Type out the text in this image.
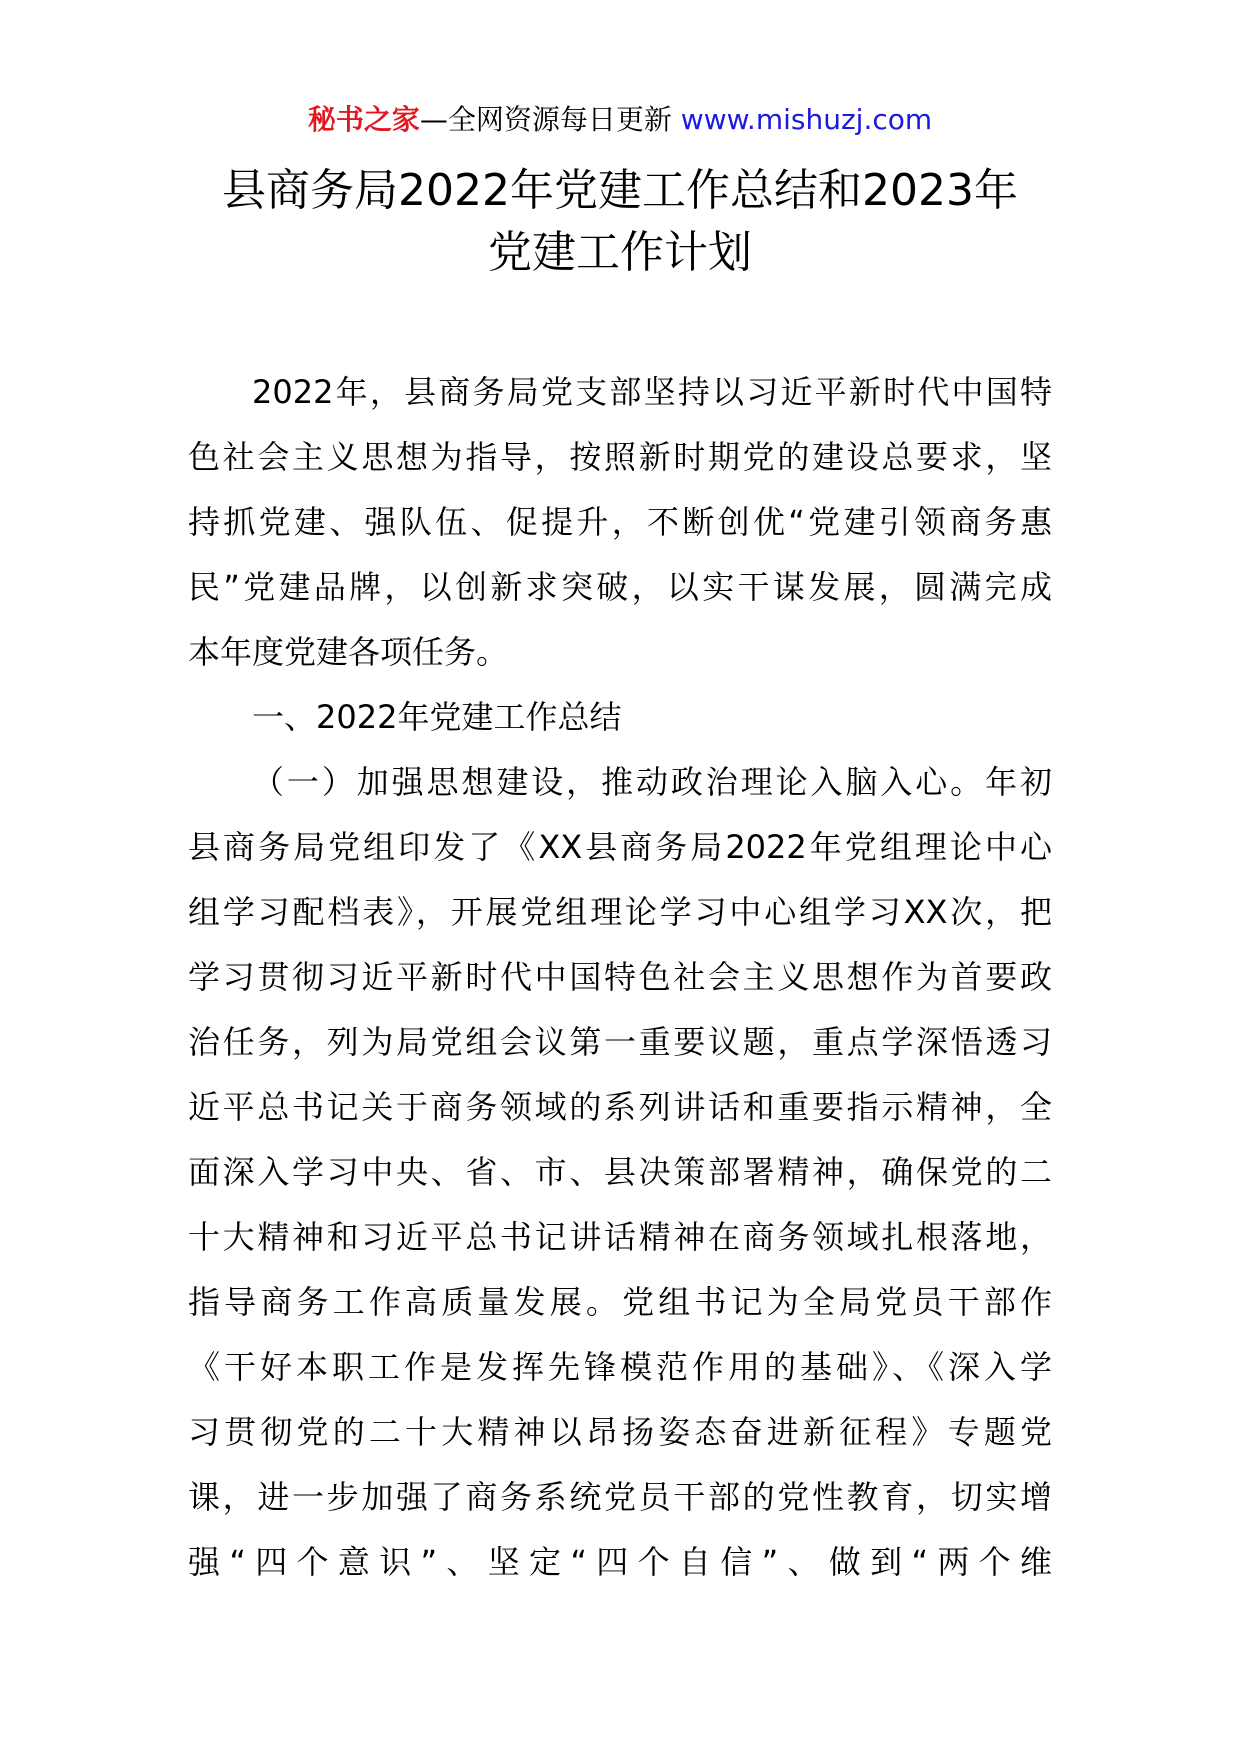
秘书之家—全网资源每日更新 www.mishuzj.com
县商务局2022年党建工作总结和2023年
党建工作计划
2022年，县商务局党支部坚持以习近平新时代中国特
色社会主义思想为指导，按照新时期党的建设总要求，坚
持抓党建、强队伍、促提升，不断创优“党建引领商务惠
民”党建品牌，以创新求突破，以实干谋发展，圆满完成
本年度党建各项任务。
一、2022年党建工作总结
（一）加强思想建设，推动政治理论入脑入心。年初
县商务局党组印发了《XX县商务局2022年党组理论中心
组学习配档表》，开展党组理论学习中心组学习XX次，把
学习贯彻习近平新时代中国特色社会主义思想作为首要政
治任务，列为局党组会议第一重要议题，重点学深悟透习
近平总书记关于商务领域的系列讲话和重要指示精神，全
面深入学习中央、省、市、县决策部署精神，确保党的二
十大精神和习近平总书记讲话精神在商务领域扎根落地，
指导商务工作高质量发展。党组书记为全局党员干部作
《干好本职工作是发挥先锋模范作用的基础》、《深入学
习贯彻党的二十大精神以昂扬姿态奋进新征程》专题党
课，进一步加强了商务系统党员干部的党性教育，切实增
强“四个意识”、坚定“四个自信”、做到“两个维
